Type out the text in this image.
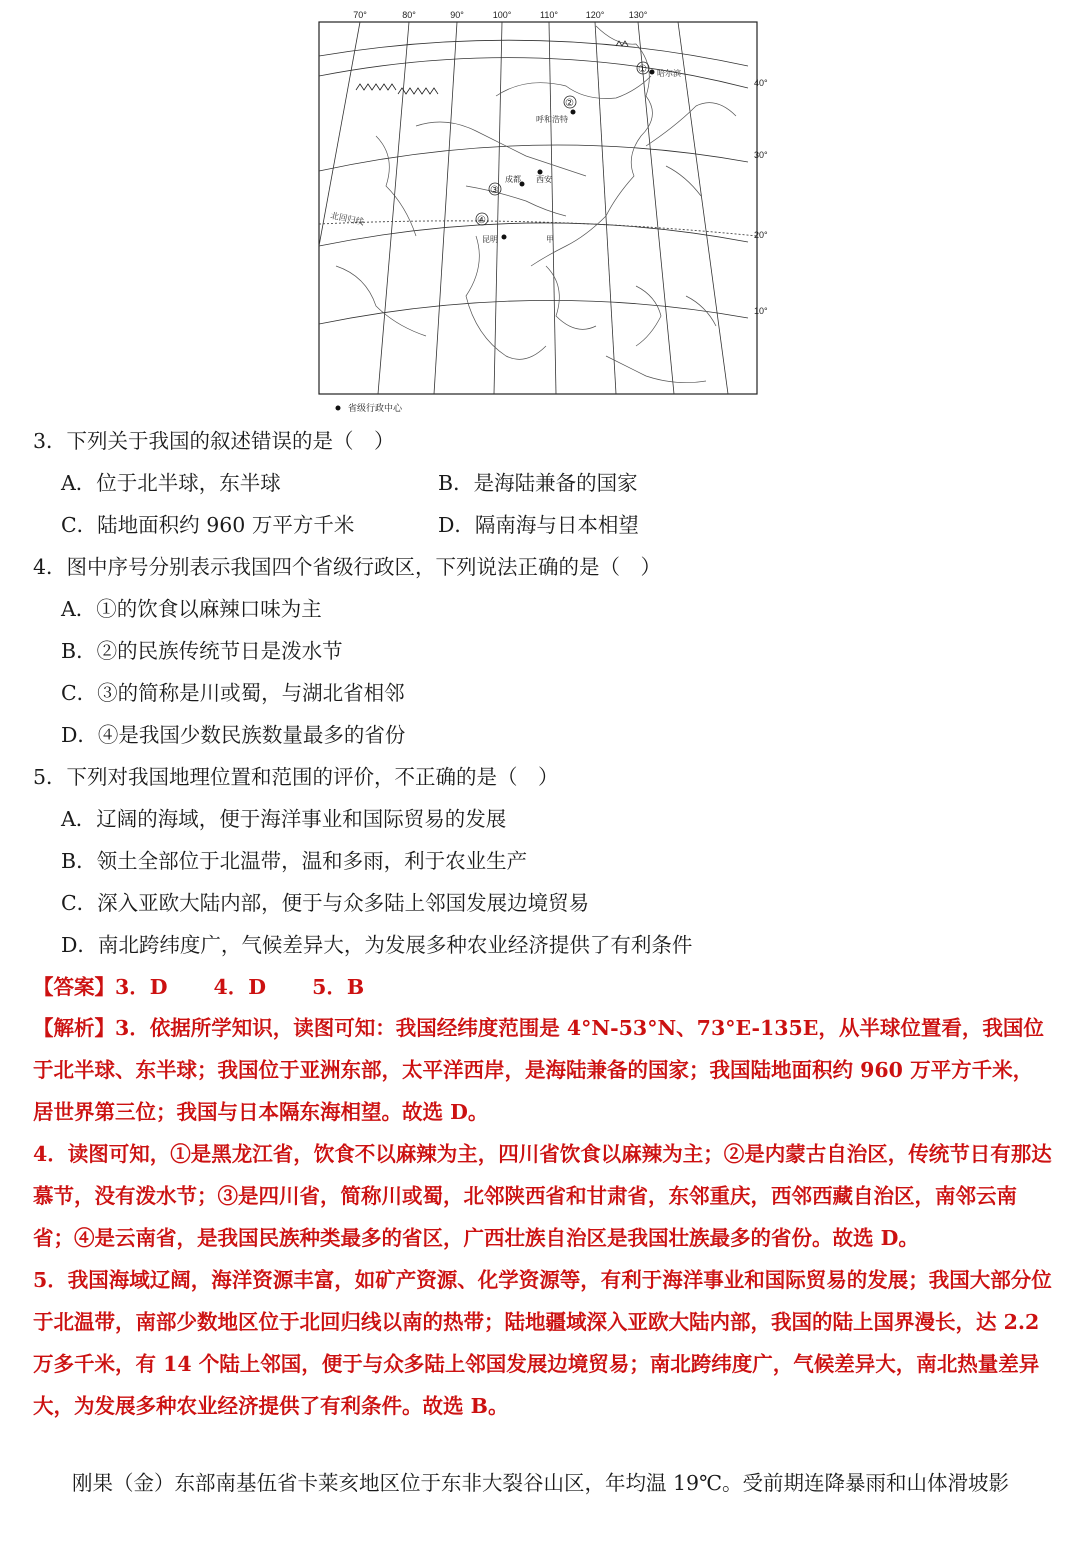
70°	80°	90°	100°	110°	120°	130°
40°
30°
20°
10°
北回归线
①
②
③
④
哈尔滨
呼和浩特
成都 西安
昆明	甲
省级行政中心
3．下列关于我国的叙述错误的是（　）
A．位于北半球，东半球	B．是海陆兼备的国家
C．陆地面积约 960 万平方千米	D．隔南海与日本相望
4．图中序号分别表示我国四个省级行政区，下列说法正确的是（　）
A．①的饮食以麻辣口味为主
B．②的民族传统节日是泼水节
C．③的简称是川或蜀，与湖北省相邻
D．④是我国少数民族数量最多的省份
5．下列对我国地理位置和范围的评价，不正确的是（　）
A．辽阔的海域，便于海洋事业和国际贸易的发展
B．领土全部位于北温带，温和多雨，利于农业生产
C．深入亚欧大陆内部，便于与众多陆上邻国发展边境贸易
D．南北跨纬度广，气候差异大，为发展多种农业经济提供了有利条件
【答案】3．D 4．D 5．B
【解析】3．依据所学知识，读图可知：我国经纬度范围是 4°N-53°N、73°E-135E，从半球位置看，我国位于北半球、东半球；我国位于亚洲东部，太平洋西岸，是海陆兼备的国家；我国陆地面积约 960 万平方千米，居世界第三位；我国与日本隔东海相望。故选 D。
4．读图可知，①是黑龙江省，饮食不以麻辣为主，四川省饮食以麻辣为主；②是内蒙古自治区，传统节日有那达慕节，没有泼水节；③是四川省，简称川或蜀，北邻陕西省和甘肃省，东邻重庆，西邻西藏自治区，南邻云南省；④是云南省，是我国民族种类最多的省区，广西壮族自治区是我国壮族最多的省份。故选 D。
5．我国海域辽阔，海洋资源丰富，如矿产资源、化学资源等，有利于海洋事业和国际贸易的发展；我国大部分位于北温带，南部少数地区位于北回归线以南的热带；陆地疆域深入亚欧大陆内部，我国的陆上国界漫长，达 2.2 万多千米，有 14 个陆上邻国，便于与众多陆上邻国发展边境贸易；南北跨纬度广，气候差异大，南北热量差异大，为发展多种农业经济提供了有利条件。故选 B。
刚果（金）东部南基伍省卡莱亥地区位于东非大裂谷山区，年均温 19℃。受前期连降暴雨和山体滑坡影
